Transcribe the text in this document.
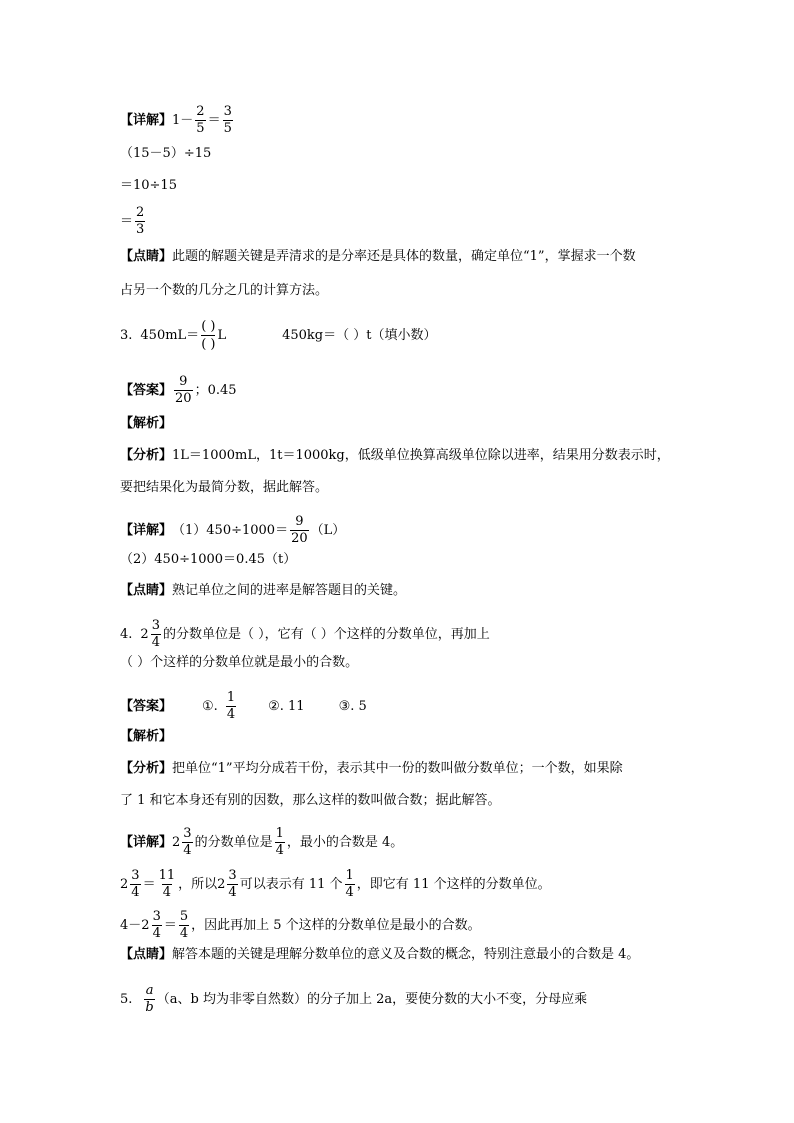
【详解】 $1- \frac{2}{5} = \frac{3}{5}$
（15－5）÷15
＝10÷15
＝ $\frac{2}{3}$
【点睛】 此题的解题关键是弄清求的是分率还是具体的数量，确定单位“1”，掌握求一个数
占另一个数的几分之几的计算方法。
3. $450mL= \frac{( )}{( )}$ L	450kg＝（ ）t（填小数）
【答案】 $\frac{9}{20}$ ；0.45
【解析】
【分析】 1L＝1000mL，1t＝1000kg，低级单位换算高级单位除以进率，结果用分数表示时，
要把结果化为最简分数，据此解答。
【详解】 $(1)450\div 1000= \frac{9}{20} (L)$
（2）450÷1000＝0.45（t）
【点睛】 熟记单位之间的进率是解答题目的关键。
4. $2 \frac{3}{4}$ 的分数单位是（ ），它有（ ）个这样的分数单位，再加上
（ ）个这样的分数单位就是最小的合数。
【答案】 ①. $\frac{1}{4}$ ②. 11	③. 5
【解析】
【分析】 把单位“1”平均分成若干份，表示其中一份的数叫做分数单位；一个数，如果除
了 1 和它本身还有别的因数，那么这样的数叫做合数；据此解答。
【详解】 $2 \frac{3}{4}$ 的分数单位是 $\frac{1}{4}$ ，最小的合数是 4。
$2 \frac{3}{4} = \frac{11}{4}$ ，所以 $2 \frac{3}{4}$ 可以表示有 11 个 $\frac{1}{4}$ ，即它有 11 个这样的分数单位。
$4- 2 \frac{3}{4} = \frac{5}{4}$ ，因此再加上 5 个这样的分数单位是最小的合数。
【点睛】 解答本题的关键是理解分数单位的意义及合数的概念，特别注意最小的合数是 4。
5. $\frac{a}{b} (a$、b 均为非零自然数）的分子加上 2a，要使分数的大小不变，分母应乘
